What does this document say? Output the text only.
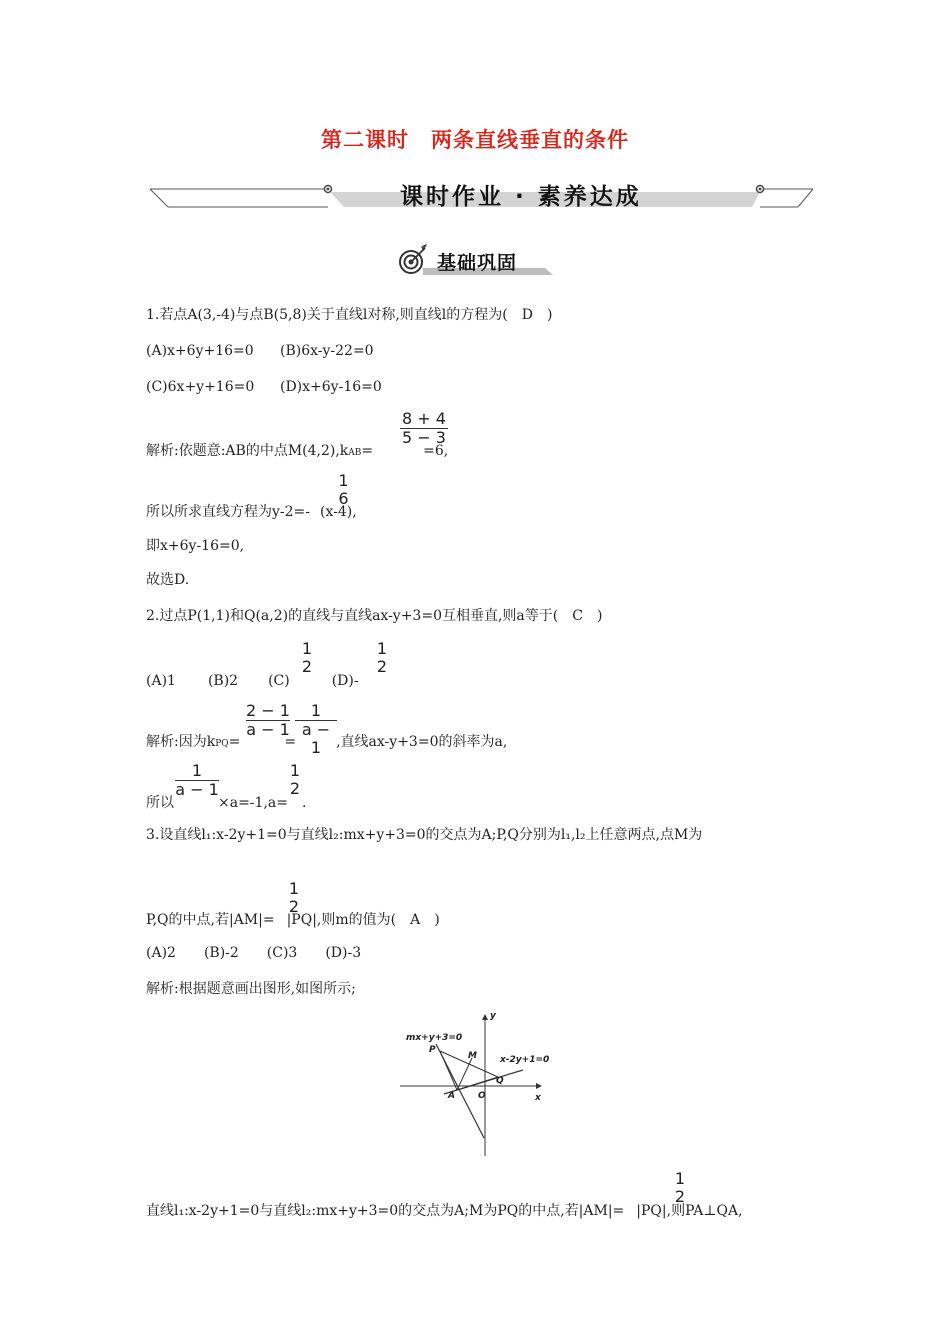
第二课时　两条直线垂直的条件
课时作业 · 素养达成
基础巩固
1.若点A(3,-4)与点B(5,8)关于直线l对称,则直线l的方程为(　D　)
(A)x+6y+16=0 (B)6x-y-22=0
(C)6x+y+16=0 (D)x+6y-16=0
解析:依题意:AB的中点M(4,2),kAB=	=6,
8 + 4
5 − 3
所以所求直线方程为y-2=- (x-4),
1
6
即x+6y-16=0,
故选D.
2.过点P(1,1)和Q(a,2)的直线与直线ax-y+3=0互相垂直,则a等于(　C　)
(A)1 (B)2 (C)	(D)-
1
2
1
2
解析:因为kPQ=	=	,直线ax-y+3=0的斜率为a,
2 − 1
a − 1
1
a − 1
所以	×a=-1,a= .
1
a − 1
1
2
3.设直线l₁:x-2y+1=0与直线l₂:mx+y+3=0的交点为A;P,Q分别为l₁,l₂上任意两点,点M为
P,Q的中点,若|AM|= |PQ|,则m的值为(　A　)
1
2
(A)2　　(B)-2　　(C)3　　(D)-3
解析:根据题意画出图形,如图所示;
mx+y+3=0
x-2y+1=0
P
M
Q
A	O	x
y
直线l₁:x-2y+1=0与直线l₂:mx+y+3=0的交点为A;M为PQ的中点,若|AM|= |PQ|,则PA⊥QA,
1
2
